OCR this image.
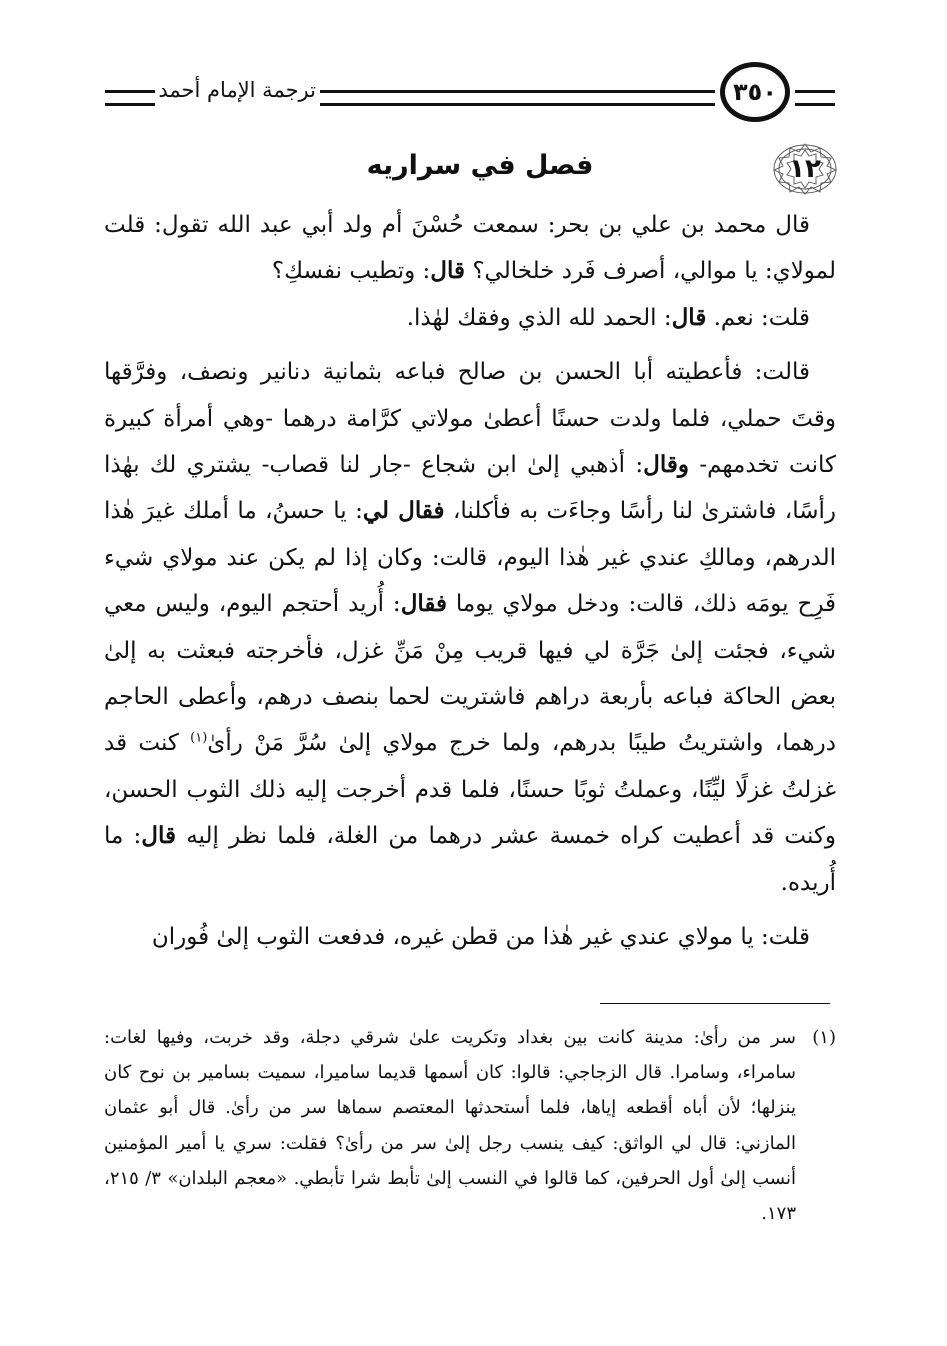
ترجمة الإمام أحمد	٣٥٠
١٢
فصل في سراريه

قال محمد بن علي بن بحر: سمعت حُسْنَ أم ولد أبي عبد الله تقول: قلت لمولاي: يا موالي، أصرف فَرد خلخالي؟ قال: وتطيب نفسكِ؟

قلت: نعم. قال: الحمد لله الذي وفقك لهٰذا.

قالت: فأعطيته أبا الحسن بن صالح فباعه بثمانية دنانير ونصف، وفرَّقها وقتَ حملي، فلما ولدت حسنًا أعطىٰ مولاتي كرَّامة درهما -وهي أمرأة كبيرة كانت تخدمهم- وقال: أذهبي إلىٰ ابن شجاع -جار لنا قصاب- يشتري لك بهٰذا رأسًا، فاشترىٰ لنا رأسًا وجاءَت به فأكلنا، فقال لي: يا حسنُ، ما أملك غيرَ هٰذا الدرهم، ومالكِ عندي غير هٰذا اليوم، قالت: وكان إذا لم يكن عند مولاي شيء فَرِح يومَه ذلك، قالت: ودخل مولاي يوما فقال: أُريد أحتجم اليوم، وليس معي شيء، فجئت إلىٰ جَرَّة لي فيها قريب مِنْ مَنِّ غزل، فأخرجته فبعثت به إلىٰ بعض الحاكة فباعه بأربعة دراهم فاشتريت لحما بنصف درهم، وأعطى الحاجم درهما، واشتريتُ طيبًا بدرهم، ولما خرج مولاي إلىٰ سُرَّ مَنْ رأىٰ$^{(١)}$ كنت قد غزلتُ غزلًا ليِّنًا، وعملتُ ثوبًا حسنًا، فلما قدم أخرجت إليه ذلك الثوب الحسن، وكنت قد أعطيت كراه خمسة عشر درهما من الغلة، فلما نظر إليه قال: ما أُريده.

قلت: يا مولاي عندي غير هٰذا من قطن غيره، فدفعت الثوب إلىٰ فُوران

(١)
سر من رأىٰ: مدينة كانت بين بغداد وتكريت علىٰ شرقي دجلة، وقد خربت، وفيها لغات: سامراء، وسامرا. قال الزجاجي: قالوا: كان أسمها قديما ساميرا، سميت بسامير بن نوح كان ينزلها؛ لأن أباه أقطعه إياها، فلما أستحدثها المعتصم سماها سر من رأىٰ. قال أبو عثمان المازني: قال لي الواثق: كيف ينسب رجل إلىٰ سر من رأىٰ؟ فقلت: سري يا أمير المؤمنين أنسب إلىٰ أول الحرفين، كما قالوا في النسب إلىٰ تأبط شرا تأبطي. «معجم البلدان» ٣/ ٢١٥، ١٧٣.
